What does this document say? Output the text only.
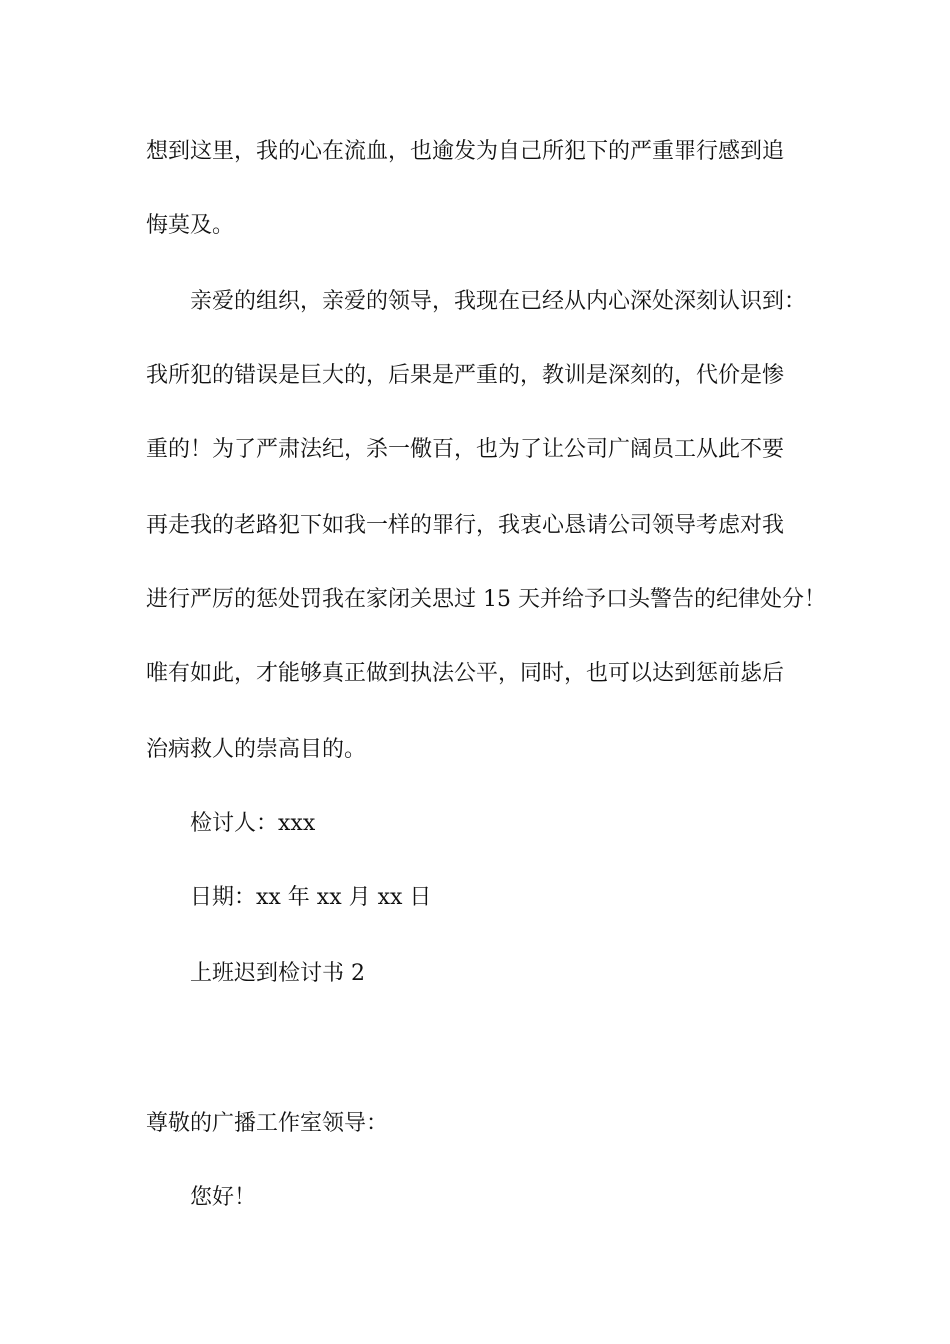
想到这里，我的心在流血，也逾发为自己所犯下的严重罪行感到追
悔莫及。
亲爱的组织，亲爱的领导，我现在已经从内心深处深刻认识到：
我所犯的错误是巨大的，后果是严重的，教训是深刻的，代价是惨
重的！为了严肃法纪，杀一儆百，也为了让公司广阔员工从此不要
再走我的老路犯下如我一样的罪行，我衷心恳请公司领导考虑对我
进行严厉的惩处罚我在家闭关思过 15 天并给予口头警告的纪律处分！
唯有如此，才能够真正做到执法公平，同时，也可以达到惩前毖后
治病救人的崇高目的。
检讨人：xxx
日期：xx 年 xx 月 xx 日
上班迟到检讨书 2
尊敬的广播工作室领导：
您好！
